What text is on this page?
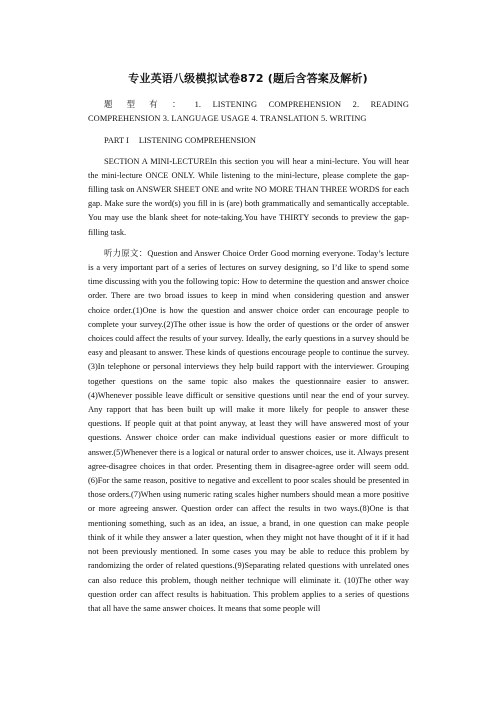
专业英语八级模拟试卷872 (题后含答案及解析)

题型有：1. LISTENING COMPREHENSION 2. READING COMPREHENSION 3. LANGUAGE USAGE 4. TRANSLATION 5. WRITING

PART I LISTENING COMPREHENSION

SECTION A MINI-LECTUREIn this section you will hear a mini-lecture. You will hear the mini-lecture ONCE ONLY. While listening to the mini-lecture, please complete the gap-filling task on ANSWER SHEET ONE and write NO MORE THAN THREE WORDS for each gap. Make sure the word(s) you fill in is (are) both grammatically and semantically acceptable. You may use the blank sheet for note-taking.You have THIRTY seconds to preview the gap-filling task.

听力原文：Question and Answer Choice Order Good morning everyone. Today’s lecture is a very important part of a series of lectures on survey designing, so I’d like to spend some time discussing with you the following topic: How to determine the question and answer choice order. There are two broad issues to keep in mind when considering question and answer choice order.(1)One is how the question and answer choice order can encourage people to complete your survey.(2)The other issue is how the order of questions or the order of answer choices could affect the results of your survey. Ideally, the early questions in a survey should be easy and pleasant to answer. These kinds of questions encourage people to continue the survey.(3)In telephone or personal interviews they help build rapport with the interviewer. Grouping together questions on the same topic also makes the questionnaire easier to answer. (4)Whenever possible leave difficult or sensitive questions until near the end of your survey. Any rapport that has been built up will make it more likely for people to answer these questions. If people quit at that point anyway, at least they will have answered most of your questions. Answer choice order can make individual questions easier or more difficult to answer.(5)Whenever there is a logical or natural order to answer choices, use it. Always present agree-disagree choices in that order. Presenting them in disagree-agree order will seem odd.(6)For the same reason, positive to negative and excellent to poor scales should be presented in those orders.(7)When using numeric rating scales higher numbers should mean a more positive or more agreeing answer. Question order can affect the results in two ways.(8)One is that mentioning something, such as an idea, an issue, a brand, in one question can make people think of it while they answer a later question, when they might not have thought of it if it had not been previously mentioned. In some cases you may be able to reduce this problem by randomizing the order of related questions.(9)Separating related questions with unrelated ones can also reduce this problem, though neither technique will eliminate it. (10)The other way question order can affect results is habituation. This problem applies to a series of questions that all have the same answer choices. It means that some people will
